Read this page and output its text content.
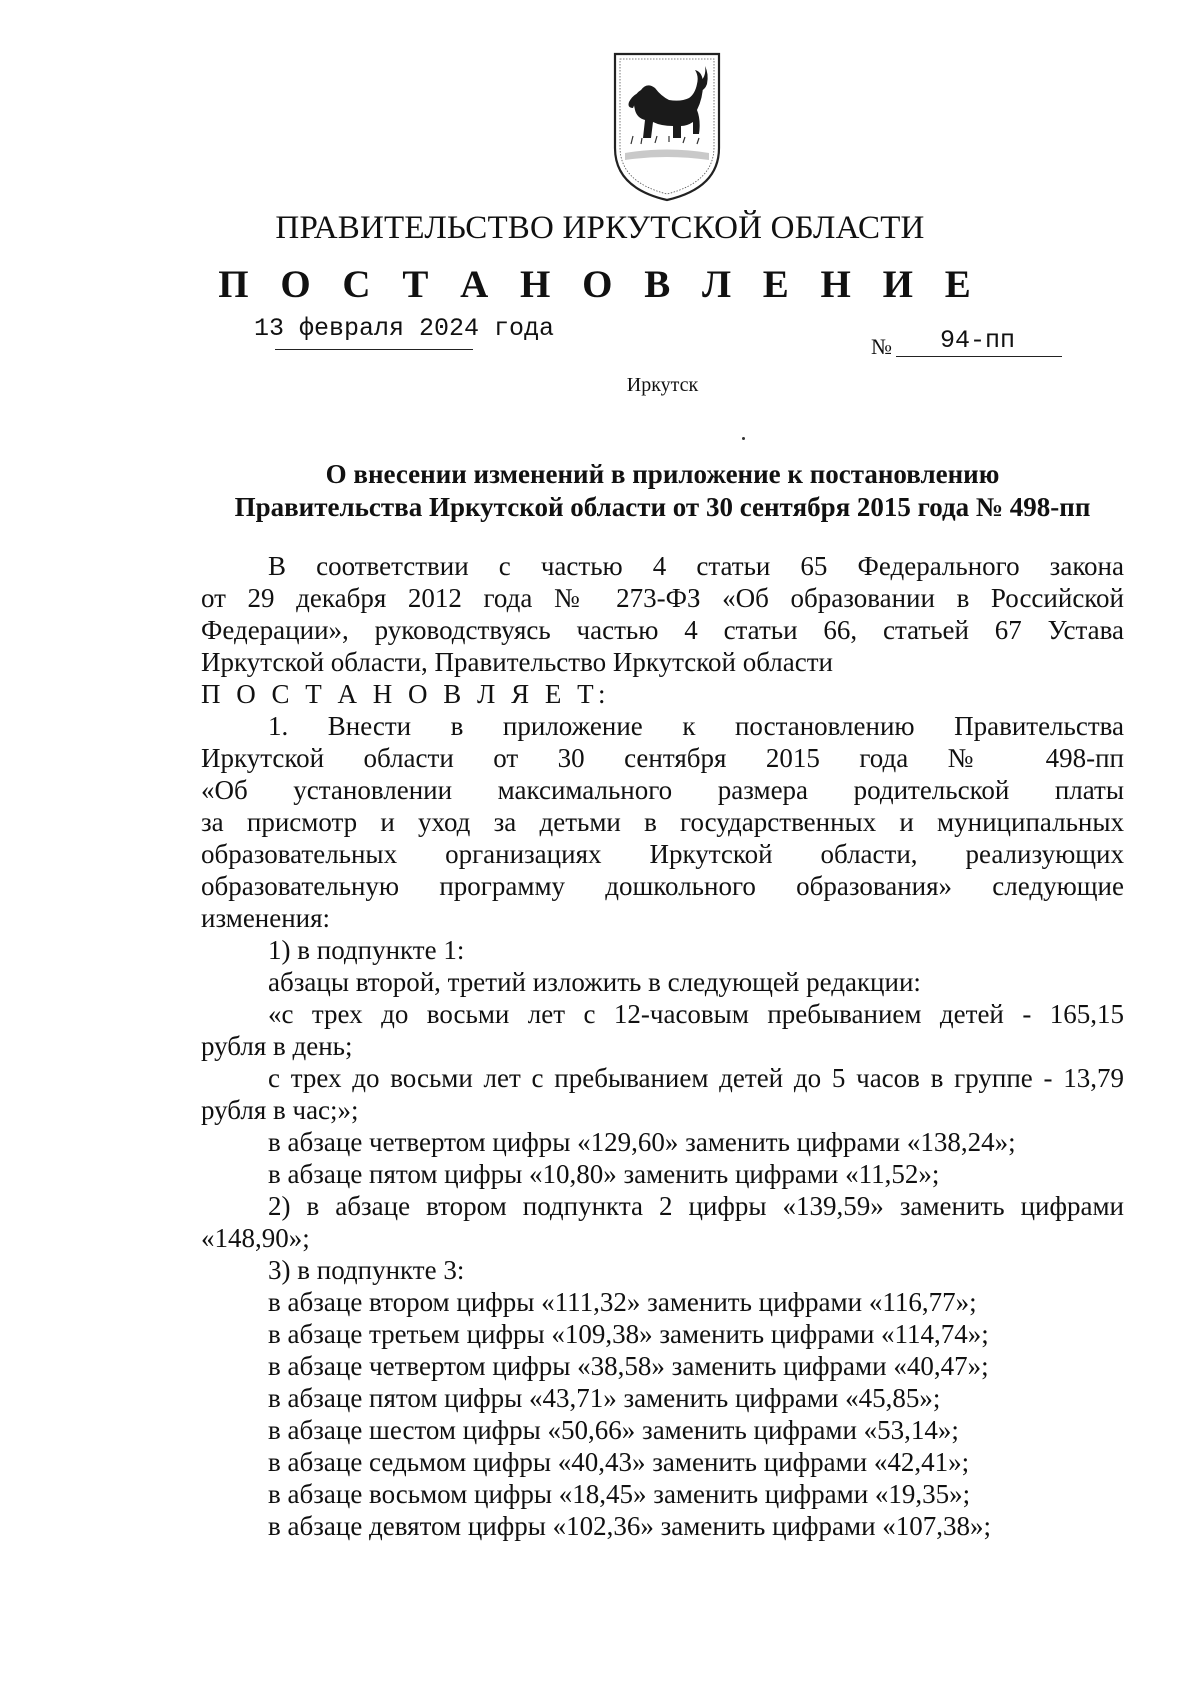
ПРАВИТЕЛЬСТВО ИРКУТСКОЙ ОБЛАСТИ
П О С Т А Н О В Л Е Н И Е
13 февраля 2024 года
№ 94-пп
Иркутск
О внесении изменений в приложение к постановлению
Правительства Иркутской области от 30 сентября 2015 года № 498-пп

В соответствии с частью 4 статьи 65 Федерального закона

от 29 декабря 2012 года № 273-ФЗ «Об образовании в Российской

Федерации», руководствуясь частью 4 статьи 66, статьей 67 Устава

Иркутской области, Правительство Иркутской области

П О С Т А Н О В Л Я Е Т:

1. Внести в приложение к постановлению Правительства

Иркутской области от 30 сентября 2015 года № 498-пп

«Об установлении максимального размера родительской платы

за присмотр и уход за детьми в государственных и муниципальных

образовательных организациях Иркутской области, реализующих

образовательную программу дошкольного образования» следующие

изменения:

1) в подпункте 1:

абзацы второй, третий изложить в следующей редакции:

«с трех до восьми лет с 12-часовым пребыванием детей - 165,15

рубля в день;

с трех до восьми лет с пребыванием детей до 5 часов в группе - 13,79

рубля в час;»;

в абзаце четвертом цифры «129,60» заменить цифрами «138,24»;

в абзаце пятом цифры «10,80» заменить цифрами «11,52»;

2) в абзаце втором подпункта 2 цифры «139,59» заменить цифрами

«148,90»;

3) в подпункте 3:

в абзаце втором цифры «111,32» заменить цифрами «116,77»;

в абзаце третьем цифры «109,38» заменить цифрами «114,74»;

в абзаце четвертом цифры «38,58» заменить цифрами «40,47»;

в абзаце пятом цифры «43,71» заменить цифрами «45,85»;

в абзаце шестом цифры «50,66» заменить цифрами «53,14»;

в абзаце седьмом цифры «40,43» заменить цифрами «42,41»;

в абзаце восьмом цифры «18,45» заменить цифрами «19,35»;

в абзаце девятом цифры «102,36» заменить цифрами «107,38»;
